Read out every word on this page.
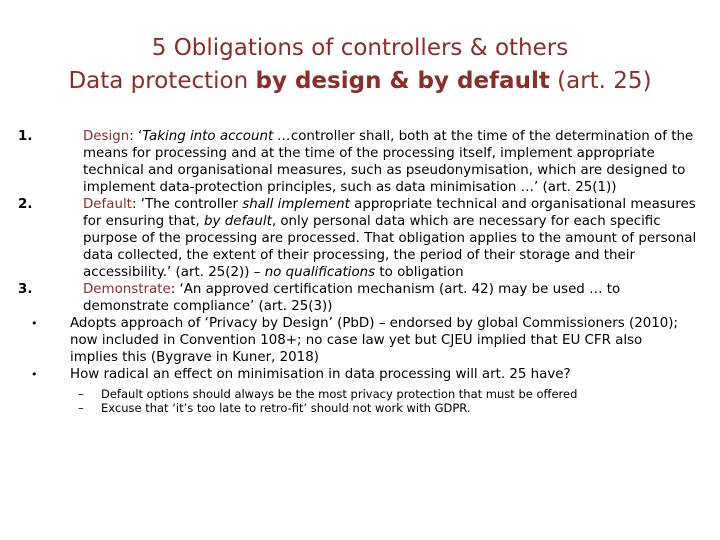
5 Obligations of controllers & others
Data protection by design & by default (art. 25)
1.	Design: ‘Taking into account …controller shall, both at the time of the determination of the means for processing and at the time of the processing itself, implement appropriate technical and organisational measures, such as pseudonymisation, which are designed to implement data-protection principles, such as data minimisation …’ (art. 25(1))
2.	Default: ‘The controller shall implement appropriate technical and organisational measures for ensuring that, by default, only personal data which are necessary for each specific purpose of the processing are processed. That obligation applies to the amount of personal data collected, the extent of their processing, the period of their storage and their accessibility.’ (art. 25(2)) – no qualifications to obligation
3.	Demonstrate: ‘An approved certification mechanism (art. 42) may be used … to demonstrate compliance’ (art. 25(3))
•	Adopts approach of ‘Privacy by Design’ (PbD) – endorsed by global Commissioners (2010); now included in Convention 108+; no case law yet but CJEU implied that EU CFR also implies this (Bygrave in Kuner, 2018)
•	How radical an effect on minimisation in data processing will art. 25 have?
– Default options should always be the most privacy protection that must be offered
– Excuse that ‘it’s too late to retro-fit’ should not work with GDPR.
